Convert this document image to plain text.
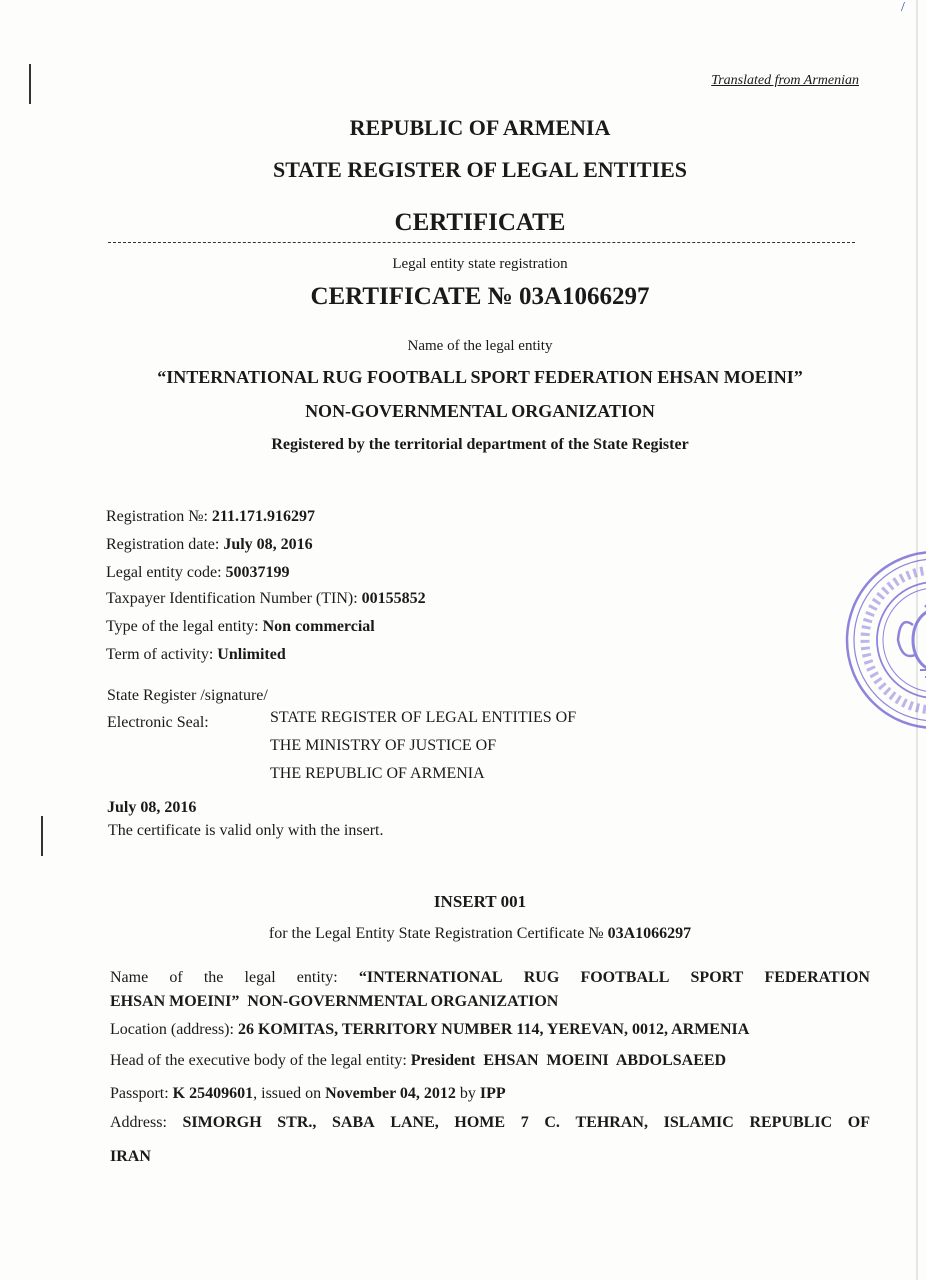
/
Translated from Armenian
REPUBLIC OF ARMENIA
STATE REGISTER OF LEGAL ENTITIES
CERTIFICATE
Legal entity state registration
CERTIFICATE № 03A1066297
Name of the legal entity
“INTERNATIONAL RUG FOOTBALL SPORT FEDERATION EHSAN MOEINI”
NON-GOVERNMENTAL ORGANIZATION
Registered by the territorial department of the State Register
Registration №: 211.171.916297
Registration date: July 08, 2016
Legal entity code: 50037199
Taxpayer Identification Number (TIN): 00155852
Type of the legal entity: Non commercial
Term of activity: Unlimited
State Register /signature/
Electronic Seal:	STATE REGISTER OF LEGAL ENTITIES OF
THE MINISTRY OF JUSTICE OF
THE REPUBLIC OF ARMENIA
July 08, 2016
The certificate is valid only with the insert.
INSERT 001
for the Legal Entity State Registration Certificate № 03A1066297
Name of the legal entity: “INTERNATIONAL RUG FOOTBALL SPORT FEDERATION
EHSAN MOEINI”  NON-GOVERNMENTAL ORGANIZATION
Location (address): 26 KOMITAS, TERRITORY NUMBER 114, YEREVAN, 0012, ARMENIA
Head of the executive body of the legal entity: President  EHSAN  MOEINI  ABDOLSAEED
Passport: K 25409601, issued on November 04, 2012 by IPP
Address: SIMORGH STR., SABA LANE, HOME 7 C. TEHRAN, ISLAMIC REPUBLIC OF
IRAN
